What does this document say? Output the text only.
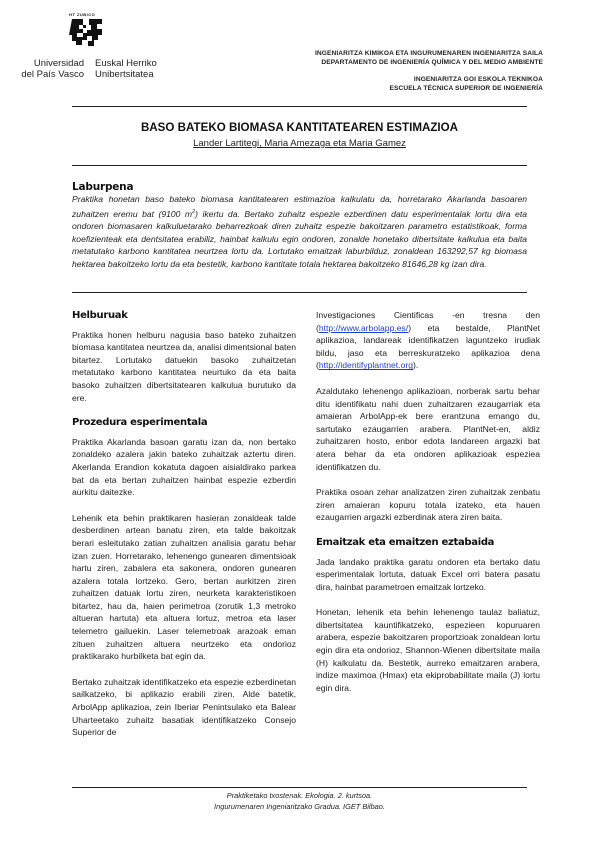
HT ZUBICO
Universidad
del País Vasco
Euskal Herriko
Unibertsitatea
INGENIARITZA KIMIKOA ETA INGURUMENAREN INGENIARITZA SAILA
DEPARTAMENTO DE INGENIERÍA QUÍMICA Y DEL MEDIO AMBIENTE
INGENIARITZA GOI ESKOLA TEKNIKOA
ESCUELA TÉCNICA SUPERIOR DE INGENIERÍA
BASO BATEKO BIOMASA KANTITATEAREN ESTIMAZIOA
Lander Lartitegi, Maria Amezaga eta Maria Gamez
Laburpena
Praktika honetan baso bateko biomasa kantitatearen estimazioa kalkulatu da, horretarako Akarlanda basoaren zuhaitzen eremu bat (9100 $m^2$) ikertu da. Bertako zuhaitz espezie ezberdinen datu esperimentalak lortu dira eta ondoren biomasaren kalkuluetarako beharrezkoak diren zuhaitz espezie bakoitzaren parametro estatistikoak, forma koefizienteak eta dentsitatea erabiliz, hainbat kalkulu egin ondoren, zonalde honetako dibertsitate kalkulua eta baita metatutako karbono kantitatea neurtzea lortu da. Lortutako emaitzak laburbilduz, zonaldean 163292,57 kg biomasa hektarea bakoitzeko lortu da eta bestetik, karbono kantitate totala hektarea bakoitzeko 81646,28 kg izan dira.
Helburuak

Praktika honen helburu nagusia baso bateko zuhaitzen biomasa kantitatea neurtzea da, analisi dimentsional baten bitartez. Lortutako datuekin basoko zuhaitzetan metatutako karbono kantitatea neurtuko da eta baita basoko zuhaitzen dibertsitatearen kalkulua burutuko da ere.

Prozedura esperimentala

Praktika Akarlanda basoan garatu izan da, non bertako zonaldeko azalera jakin bateko zuhaitzak aztertu diren. Akerlanda Erandion kokatuta dagoen aisialdirako parkea bat da eta bertan zuhaitzen hainbat espezie ezberdin aurkitu daitezke.

Lehenik eta behin praktikaren hasieran zonaldeak talde desberdinen artean banatu ziren, eta talde bakoitzak berari esleitutako zatian zuhaitzen analisia garatu behar izan zuen. Horretarako, lehenengo gunearen dimentsioak hartu ziren, zabalera eta sakonera, ondoren gunearen azalera totala lortzeko. Gero, bertan aurkitzen ziren zuhaitzen datuak lortu ziren, neurketa karakteristikoen bitartez, hau da, haien perimetroa (zorutik 1,3 metroko altueran hartuta) eta altuera lortuz, metroa eta laser telemetro gailuekin. Laser telemetroak arazoak eman zituen zuhaitzen altuera neurtzeko eta ondorioz praktikarako hurbilketa bat egin da.

Bertako zuhaitzak identifikatzeko eta espezie ezberdinetan sailkatzeko, bi aplikazio erabili ziren. Alde batetik, ArbolApp aplikazioa, zein Iberiar Penintsulako eta Balear Uharteetako zuhaitz basatiak identifikatzeko Consejo Superior de

Investigaciones Cientificas -en tresna den (http://www.arbolapp.es/) eta bestalde, PlantNet aplikazioa, landareak identifikatzen laguntzeko irudiak bildu, jaso eta berreskuratzeko aplikazioa dena (http://identifyplantnet.org).

Azaldutako lehenengo aplikazioan, norberak sartu behar ditu identifikatu nahi duen zuhaitzaren ezaugarriak eta amaieran ArbolApp-ek bere erantzuna emango du, sartutako ezaugarrien arabera. PlantNet-en, aldiz zuhaitzaren hosto, enbor edota landareen argazki bat atera behar da eta ondoren aplikazioak espeziea identifikatzen du.

Praktika osoan zehar analizatzen ziren zuhaitzak zenbatu ziren amaieran kopuru totala izateko, eta hauen ezaugarrien argazki ezberdinak atera ziren baita.

Emaitzak eta emaitzen eztabaida

Jada landako praktika garatu ondoren eta bertako datu esperimentalak lortuta, datuak Excel orri batera pasatu dira, hainbat parametroen emaitzak lortzeko.

Honetan, lehenik eta behin lehenengo taulaz baliatuz, dibertsitatea kauntifikatzeko, espezieen kopuruaren arabera, espezie bakoitzaren proportzioak zonaldean lortu egin dira eta ondorioz, Shannon-Wienen dibertsitate maila (H) kalkulatu da. Bestetik, aurreko emaitzaren arabera, indize maximoa (Hmax) eta ekiprobabilitate maila (J) lortu egin dira.

Praktiketako txostenak. Ekologia. 2. kurtsoa.
Ingurumenaren Ingeniaritzako Gradua. IGET Bilbao.
